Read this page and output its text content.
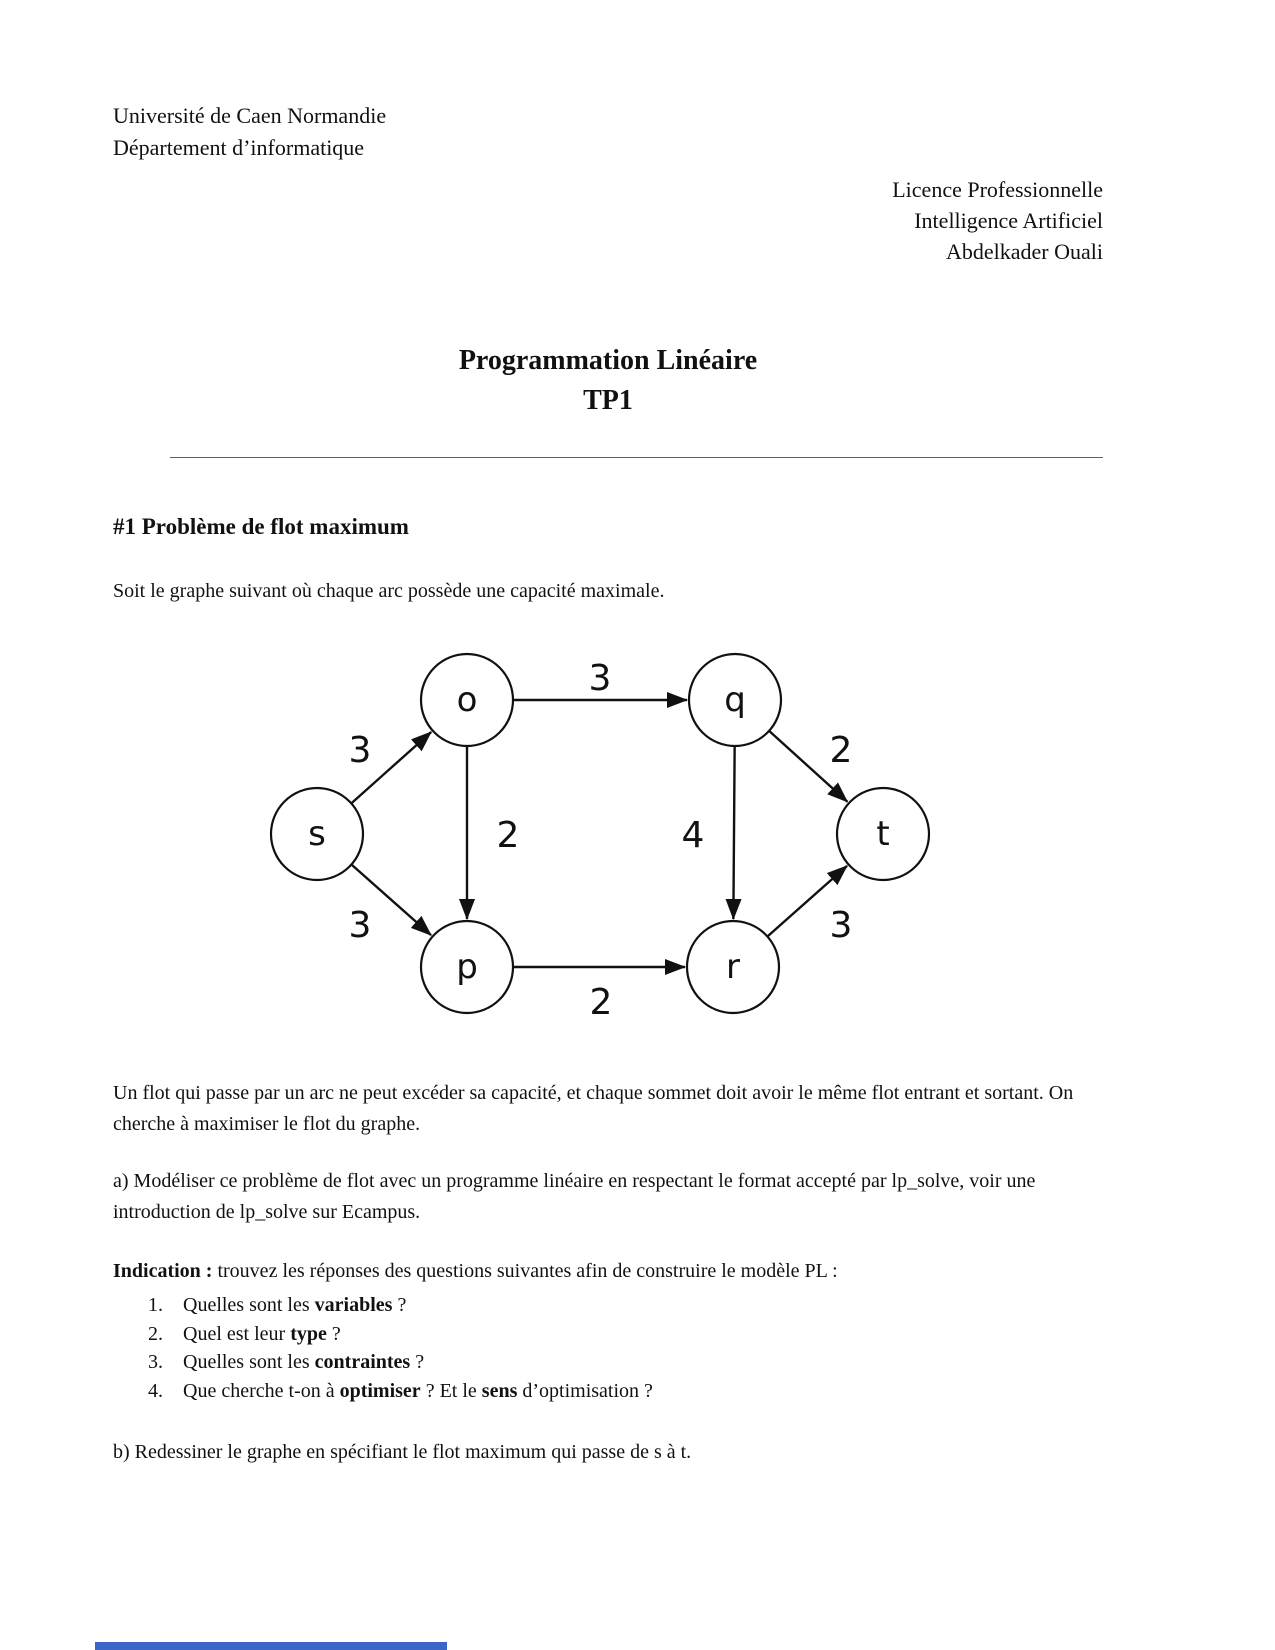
Université de Caen Normandie
Département d’informatique
Licence Professionnelle
Intelligence Artificiel
Abdelkader Ouali
Programmation Linéaire
TP1
#1 Problème de flot maximum

Soit le graphe suivant où chaque arc possède une capacité maximale.

3
3
3
2
2
4
2
3
s
o
p
q
r
t

Un flot qui passe par un arc ne peut excéder sa capacité, et chaque sommet doit avoir le même flot entrant et sortant. On cherche à maximiser le flot du graphe.

a) Modéliser ce problème de flot avec un programme linéaire en respectant le format accepté par lp_solve, voir une introduction de lp_solve sur Ecampus.

Indication : trouvez les réponses des questions suivantes afin de construire le modèle PL :

1. Quelles sont les variables ?
2. Quel est leur type ?
3. Quelles sont les contraintes ?
4. Que cherche t-on à optimiser ? Et le sens d’optimisation ?

b) Redessiner le graphe en spécifiant le flot maximum qui passe de s à t.
